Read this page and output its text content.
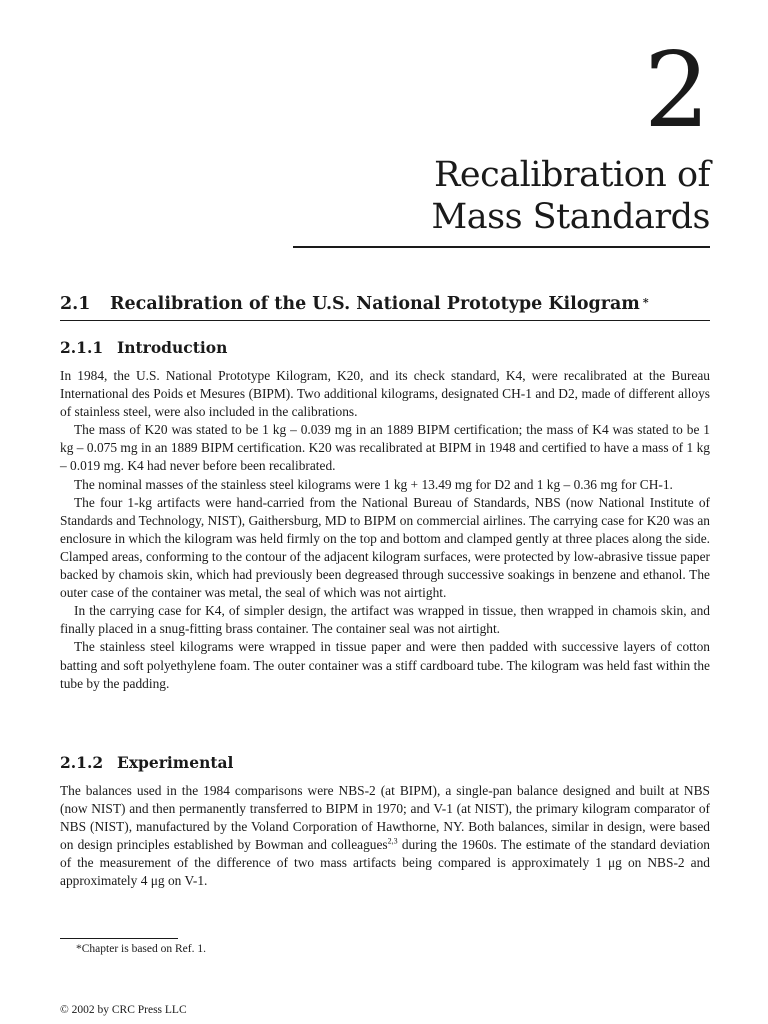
2
Recalibration of
Mass Standards
2.1 Recalibration of the U.S. National Prototype Kilogram *
2.1.1 Introduction

In 1984, the U.S. National Prototype Kilogram, K20, and its check standard, K4, were recalibrated at the Bureau International des Poids et Mesures (BIPM). Two additional kilograms, designated CH-1 and D2, made of different alloys of stainless steel, were also included in the calibrations.

The mass of K20 was stated to be 1 kg – 0.039 mg in an 1889 BIPM certification; the mass of K4 was stated to be 1 kg – 0.075 mg in an 1889 BIPM certification. K20 was recalibrated at BIPM in 1948 and certified to have a mass of 1 kg – 0.019 mg. K4 had never before been recalibrated.

The nominal masses of the stainless steel kilograms were 1 kg + 13.49 mg for D2 and 1 kg – 0.36 mg for CH-1.

The four 1-kg artifacts were hand-carried from the National Bureau of Standards, NBS (now National Institute of Standards and Technology, NIST), Gaithersburg, MD to BIPM on commercial airlines. The carrying case for K20 was an enclosure in which the kilogram was held firmly on the top and bottom and clamped gently at three places along the side. Clamped areas, conforming to the contour of the adjacent kilogram surfaces, were protected by low-abrasive tissue paper backed by chamois skin, which had previously been degreased through successive soakings in benzene and ethanol. The outer case of the container was metal, the seal of which was not airtight.

In the carrying case for K4, of simpler design, the artifact was wrapped in tissue, then wrapped in chamois skin, and finally placed in a snug-fitting brass container. The container seal was not airtight.

The stainless steel kilograms were wrapped in tissue paper and were then padded with successive layers of cotton batting and soft polyethylene foam. The outer container was a stiff cardboard tube. The kilogram was held fast within the tube by the padding.

2.1.2 Experimental

The balances used in the 1984 comparisons were NBS-2 (at BIPM), a single-pan balance designed and built at NBS (now NIST) and then permanently transferred to BIPM in 1970; and V-1 (at NIST), the primary kilogram comparator of NBS (NIST), manufactured by the Voland Corporation of Hawthorne, NY. Both balances, similar in design, were based on design principles established by Bowman and colleagues$^{2,3}$ during the 1960s. The estimate of the standard deviation of the measurement of the difference of two mass artifacts being compared is approximately 1 μg on NBS-2 and approximately 4 μg on V-1.

*Chapter is based on Ref. 1.
© 2002 by CRC Press LLC
